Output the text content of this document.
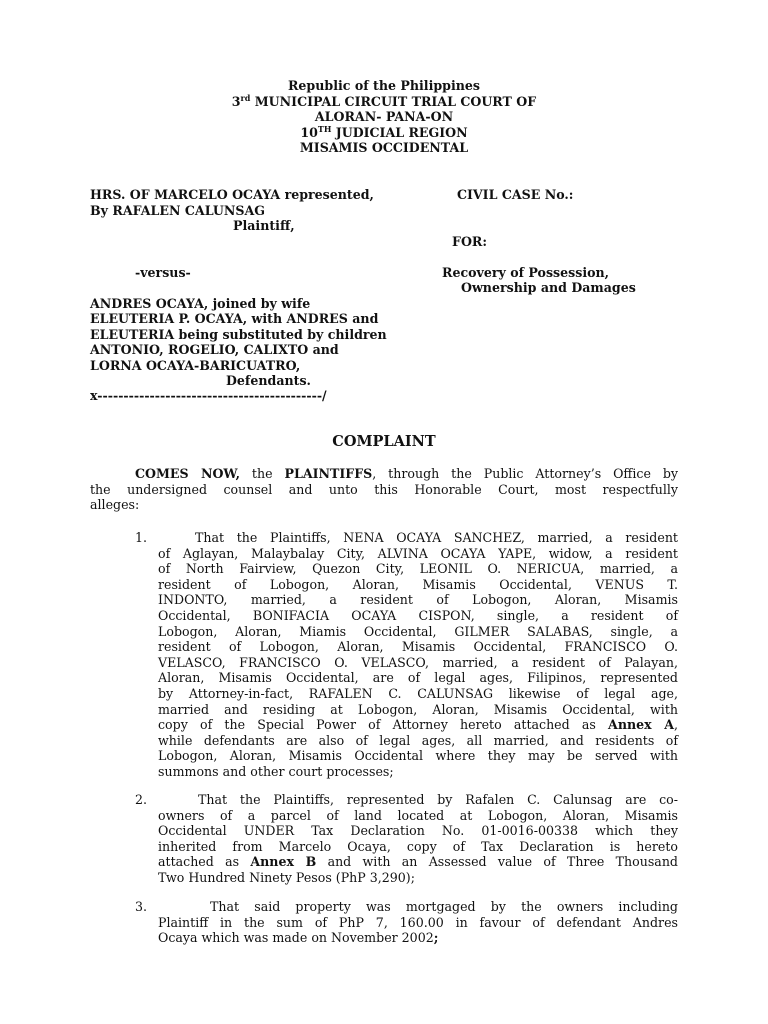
Republic of the Philippines
3rd MUNICIPAL CIRCUIT TRIAL COURT OF
ALORAN- PANA-ON
10TH JUDICIAL REGION
MISAMIS OCCIDENTAL
HRS. OF MARCELO OCAYA represented,
By RAFALEN CALUNSAG
Plaintiff,
CIVIL CASE No.:
FOR:
-versus-	Recovery of Possession,
Ownership and Damages
ANDRES OCAYA, joined by wife
ELEUTERIA P. OCAYA, with ANDRES and
ELEUTERIA being substituted by children
ANTONIO, ROGELIO, CALIXTO and
LORNA OCAYA-BARICUATRO,
Defendants.
x-------------------------------------------/
COMPLAINT
COMES NOW, the PLAINTIFFS, through the Public Attorney’s Office by
the undersigned counsel and unto this Honorable Court, most respectfully
alleges:
1.	That the Plaintiffs, NENA OCAYA SANCHEZ, married, a resident
of Aglayan, Malaybalay City, ALVINA OCAYA YAPE, widow, a resident
of North Fairview, Quezon City, LEONIL O. NERICUA, married, a
resident of Lobogon, Aloran, Misamis Occidental, VENUS T.
INDONTO, married, a resident of Lobogon, Aloran, Misamis
Occidental, BONIFACIA OCAYA CISPON, single, a resident of
Lobogon, Aloran, Miamis Occidental, GILMER SALABAS, single, a
resident of Lobogon, Aloran, Misamis Occidental, FRANCISCO O.
VELASCO, FRANCISCO O. VELASCO, married, a resident of Palayan,
Aloran, Misamis Occidental, are of legal ages, Filipinos, represented
by Attorney-in-fact, RAFALEN C. CALUNSAG likewise of legal age,
married and residing at Lobogon, Aloran, Misamis Occidental, with
copy of the Special Power of Attorney hereto attached as Annex A,
while defendants are also of legal ages, all married, and residents of
Lobogon, Aloran, Misamis Occidental where they may be served with
summons and other court processes;
2.	That the Plaintiffs, represented by Rafalen C. Calunsag are co-
owners of a parcel of land located at Lobogon, Aloran, Misamis
Occidental UNDER Tax Declaration No. 01-0016-00338 which they
inherited from Marcelo Ocaya, copy of Tax Declaration is hereto
attached as Annex B and with an Assessed value of Three Thousand
Two Hundred Ninety Pesos (PhP 3,290);
3.	That said property was mortgaged by the owners including
Plaintiff in the sum of PhP 7, 160.00 in favour of defendant Andres
Ocaya which was made on November 2002;
